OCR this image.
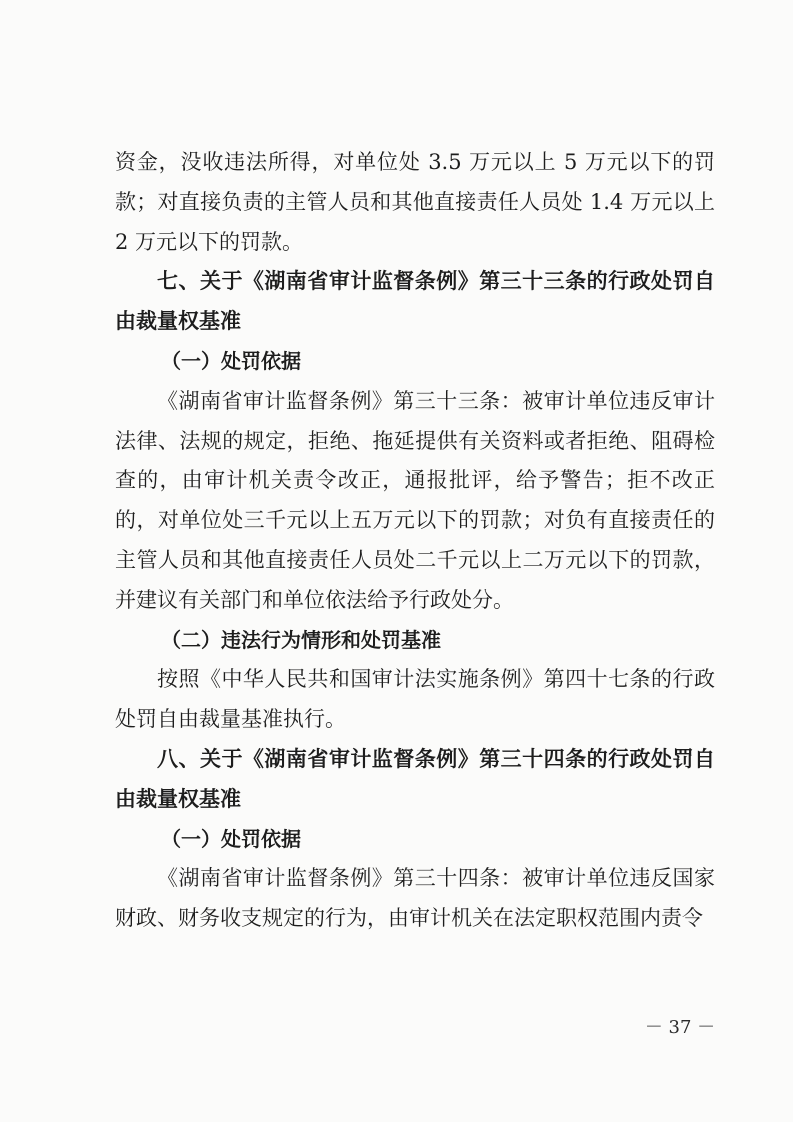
资金，没收违法所得，对单位处 3.5 万元以上 5 万元以下的罚款；对直接负责的主管人员和其他直接责任人员处 1.4 万元以上 2 万元以下的罚款。

七、关于《湖南省审计监督条例》第三十三条的行政处罚自由裁量权基准

（一）处罚依据

《湖南省审计监督条例》第三十三条：被审计单位违反审计法律、法规的规定，拒绝、拖延提供有关资料或者拒绝、阻碍检查的，由审计机关责令改正，通报批评，给予警告；拒不改正的，对单位处三千元以上五万元以下的罚款；对负有直接责任的主管人员和其他直接责任人员处二千元以上二万元以下的罚款，并建议有关部门和单位依法给予行政处分。

（二）违法行为情形和处罚基准

按照《中华人民共和国审计法实施条例》第四十七条的行政处罚自由裁量基准执行。

八、关于《湖南省审计监督条例》第三十四条的行政处罚自由裁量权基准

（一）处罚依据

《湖南省审计监督条例》第三十四条：被审计单位违反国家财政、财务收支规定的行为，由审计机关在法定职权范围内责令

－ 37 －
